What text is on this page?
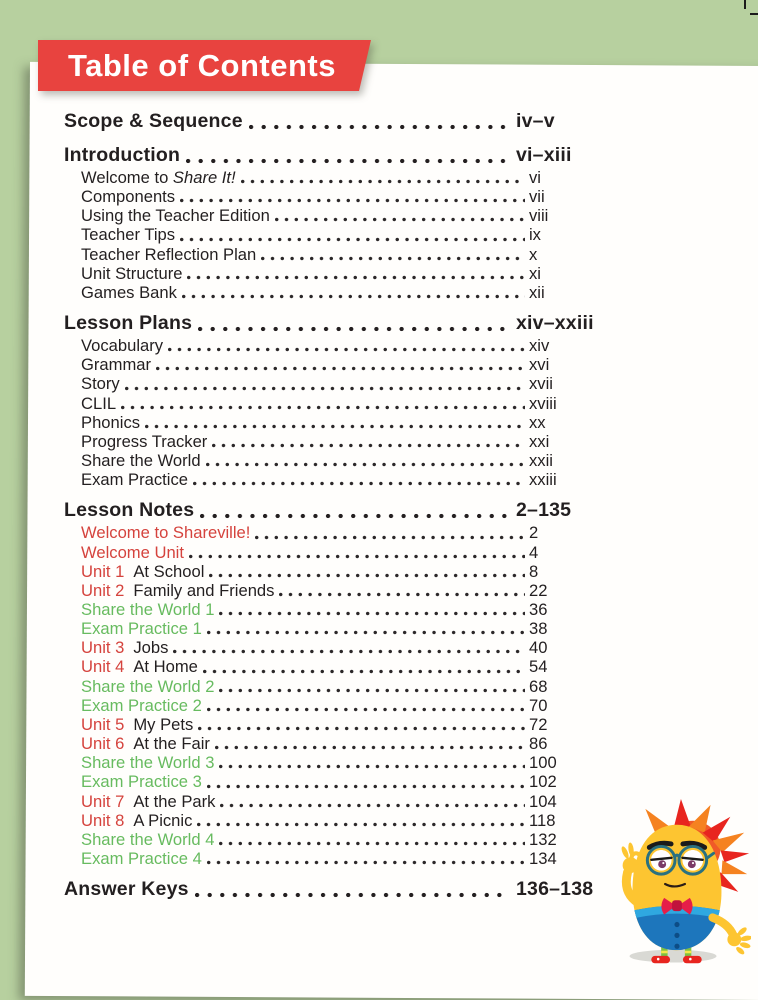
Table of Contents
Scope & Sequence	iv–v
Introduction	vi–xiii
Welcome to Share It!	vi
Components	vii
Using the Teacher Edition	viii
Teacher Tips	ix
Teacher Reflection Plan	x
Unit Structure	xi
Games Bank	xii
Lesson Plans	xiv–xxiii
Vocabulary	xiv
Grammar	xvi
Story	xvii
CLIL	xviii
Phonics	xx
Progress Tracker	xxi
Share the World	xxii
Exam Practice	xxiii
Lesson Notes	2–135
Welcome to Shareville!	2
Welcome Unit	4
Unit 1 At School	8
Unit 2 Family and Friends	22
Share the World 1	36
Exam Practice 1	38
Unit 3 Jobs	40
Unit 4 At Home	54
Share the World 2	68
Exam Practice 2	70
Unit 5 My Pets	72
Unit 6 At the Fair	86
Share the World 3	100
Exam Practice 3	102
Unit 7 At the Park	104
Unit 8 A Picnic	118
Share the World 4	132
Exam Practice 4	134
Answer Keys	136–138
